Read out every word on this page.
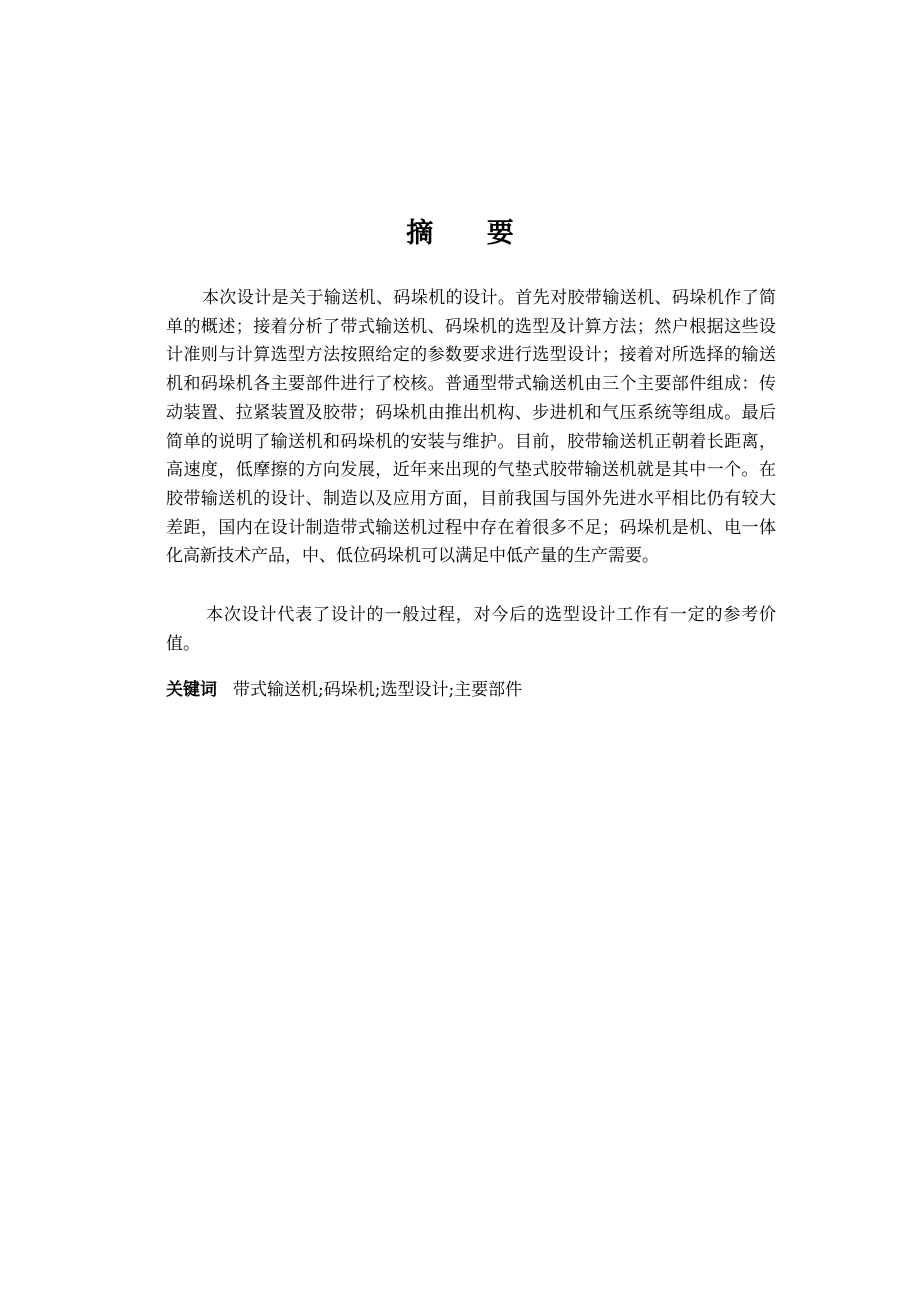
摘 要

本次设计是关于输送机、码垛机的设计。首先对胶带输送机、码垛机作了简单的概述；接着分析了带式输送机、码垛机的选型及计算方法；然户根据这些设计准则与计算选型方法按照给定的参数要求进行选型设计；接着对所选择的输送机和码垛机各主要部件进行了校核。普通型带式输送机由三个主要部件组成：传动装置、拉紧装置及胶带；码垛机由推出机构、步进机和气压系统等组成。最后简单的说明了输送机和码垛机的安装与维护。目前，胶带输送机正朝着长距离，高速度，低摩擦的方向发展，近年来出现的气垫式胶带输送机就是其中一个。在胶带输送机的设计、制造以及应用方面，目前我国与国外先进水平相比仍有较大差距，国内在设计制造带式输送机过程中存在着很多不足；码垛机是机、电一体化高新技术产品，中、低位码垛机可以满足中低产量的生产需要。

本次设计代表了设计的一般过程，对今后的选型设计工作有一定的参考价值。

关键词 带式输送机;码垛机;选型设计;主要部件
